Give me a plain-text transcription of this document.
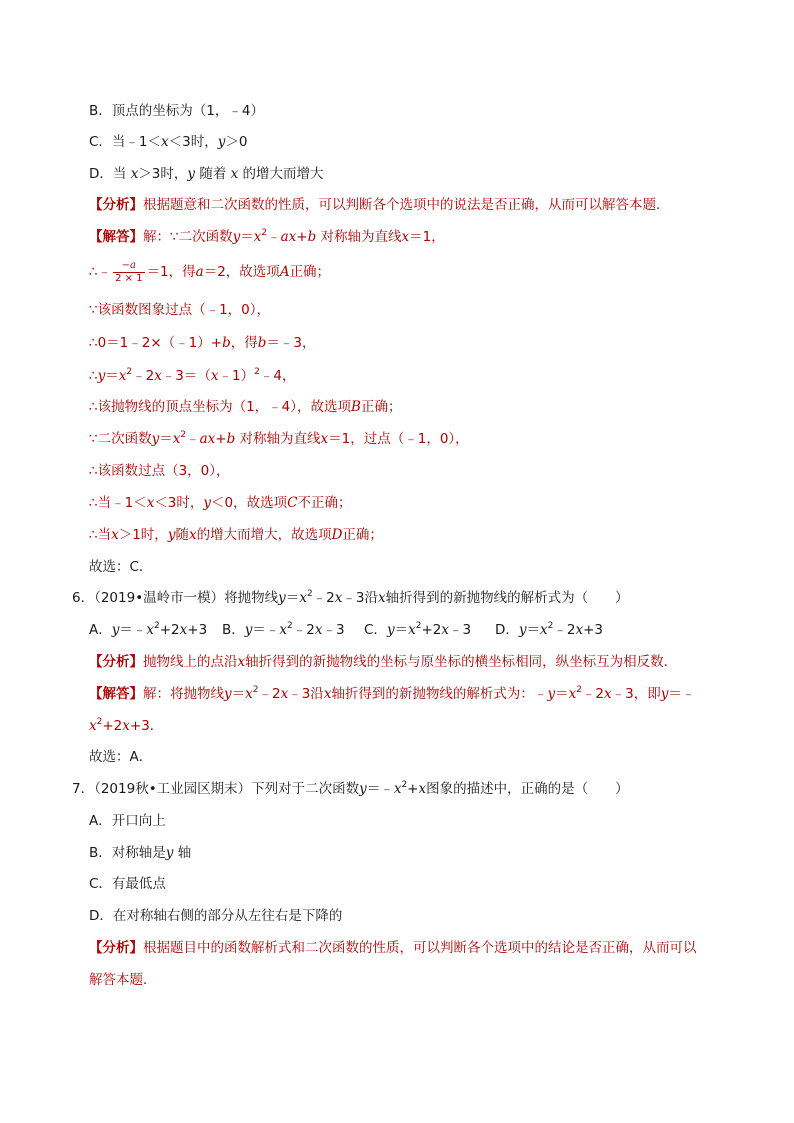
B．顶点的坐标为（1，﹣4）
C．当﹣1＜x＜3时，y＞0
D．当 x＞3时，y 随着 x 的增大而增大
【分析】根据题意和二次函数的性质，可以判断各个选项中的说法是否正确，从而可以解答本题．
【解答】解：∵二次函数$y=x^2﹣ax+b$ 对称轴为直线x＝1，
∴﹣ $\frac{-a}{2 \times 1} =1$，得a＝2，故选项A正确；
∵该函数图象过点（﹣1，0），
∴0＝1﹣2×（﹣1）+b，得b＝﹣3，
$\therefore y=x^2﹣2x﹣3=(x﹣1)^2﹣4$，
∴该抛物线的顶点坐标为（1，﹣4），故选项B正确；
∵二次函数$y=x^2﹣ax+b$ 对称轴为直线x＝1，过点（﹣1，0），
∴该函数过点（3，0），
∴当﹣1＜x＜3时，y＜0，故选项C不正确；
∴当x＞1时，y随x的增大而增大，故选项D正确；
故选：C．
6．（2019•温岭市一模）将抛物线$y=x^2﹣2x﹣3$沿x轴折得到的新抛物线的解析式为（　　）
A．$y=﹣x^2+2x+3$ B．$y=﹣x^2﹣2x﹣3$ C．$y=x^2+2x﹣3$ D．$y=x^2﹣2x+3$
【分析】抛物线上的点沿x轴折得到的新抛物线的坐标与原坐标的横坐标相同，纵坐标互为相反数．
【解答】解：将抛物线$y=x^2﹣2x﹣3$沿x轴折得到的新抛物线的解析式为：$﹣y=x^2﹣2x﹣3$，即y＝﹣
$x^2+2x+3$．
故选：A．
7．（2019秋•工业园区期末）下列对于二次函数$y=﹣x^2+x$图象的描述中，正确的是（　　）
A．开口向上
B．对称轴是y 轴
C．有最低点
D．在对称轴右侧的部分从左往右是下降的
【分析】根据题目中的函数解析式和二次函数的性质，可以判断各个选项中的结论是否正确，从而可以
解答本题．
